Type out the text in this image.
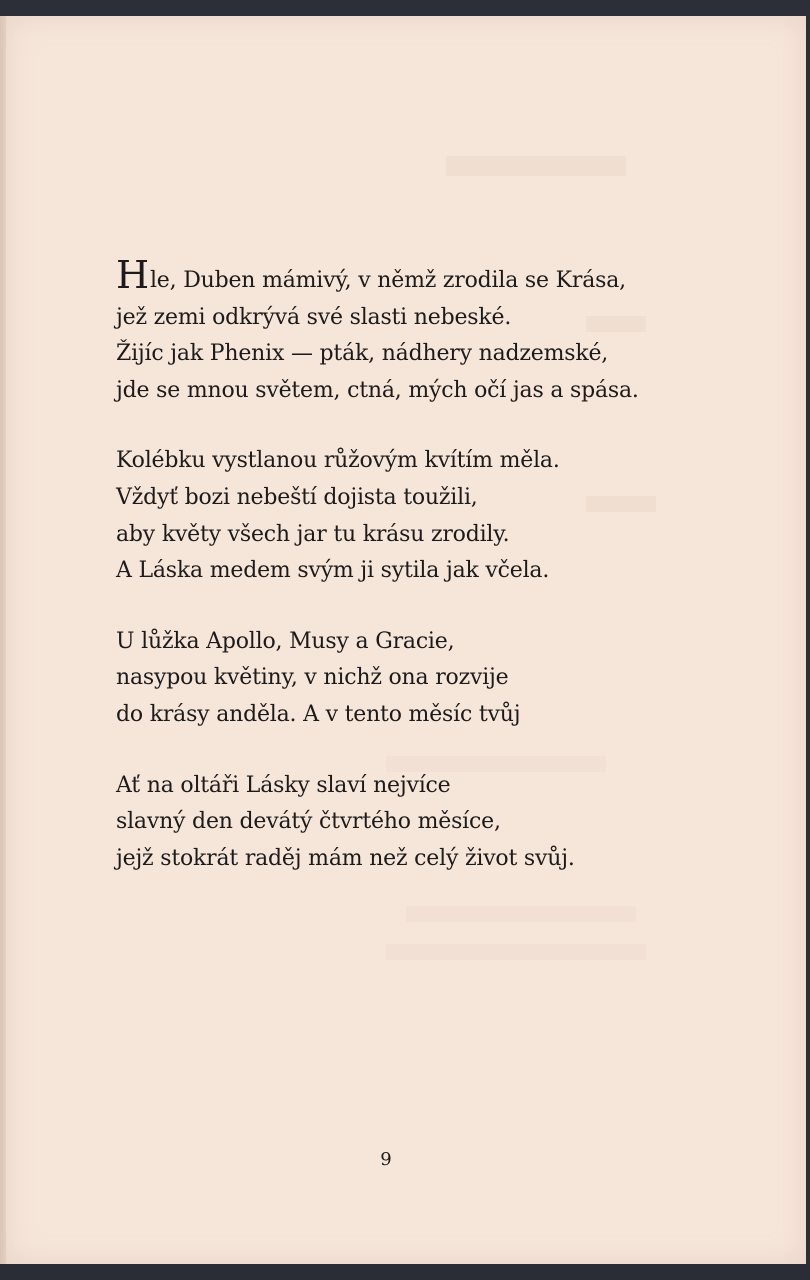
Hle, Duben mámivý, v němž zrodila se Krása,
jež zemi odkrývá své slasti nebeské.
Žijíc jak Phenix — pták, nádhery nadzemské,
jde se mnou světem, ctná, mých očí jas a spása.

Kolébku vystlanou růžovým kvítím měla.
Vždyť bozi nebeští dojista toužili,
aby květy všech jar tu krásu zrodily.
A Láska medem svým ji sytila jak včela.

U lůžka Apollo, Musy a Gracie,
nasypou květiny, v nichž ona rozvije
do krásy anděla. A v tento měsíc tvůj

Ať na oltáři Lásky slaví nejvíce
slavný den devátý čtvrtého měsíce,
jejž stokrát raděj mám než celý život svůj.

9
